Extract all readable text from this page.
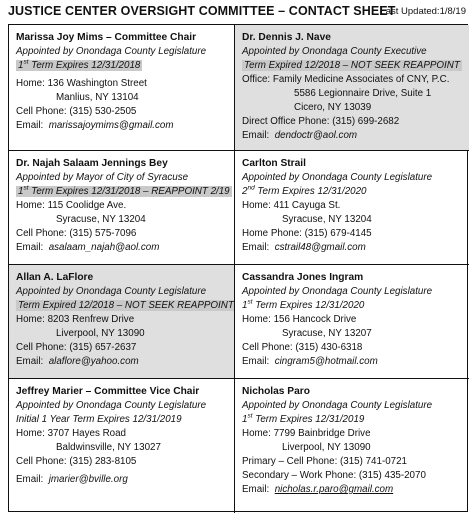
JUSTICE CENTER OVERSIGHT COMMITTEE – CONTACT SHEET
Last Updated:1/8/19
Marissa Joy Mims – Committee Chair
Appointed by Onondaga County Legislature
1st Term Expires 12/31/2018
Home: 136 Washington Street
Manlius, NY 13104
Cell Phone: (315) 530-2505
Email: marissajoymims@gmail.com
Dr. Dennis J. Nave
Appointed by Onondaga County Executive
Term Expired 12/2018 – NOT SEEK REAPPOINT
Office: Family Medicine Associates of CNY, P.C.
5586 Legionnaire Drive, Suite 1
Cicero, NY 13039
Direct Office Phone: (315) 699-2682
Email: dendoctr@aol.com
Dr. Najah Salaam Jennings Bey
Appointed by Mayor of City of Syracuse
1st Term Expires 12/31/2018 – REAPPOINT 2/19
Home: 115 Coolidge Ave.
Syracuse, NY 13204
Cell Phone: (315) 575-7096
Email: asalaam_najah@aol.com
Carlton Strail
Appointed by Onondaga County Legislature
2nd Term Expires 12/31/2020
Home: 411 Cayuga St.
Syracuse, NY 13204
Home Phone: (315) 679-4145
Email: cstrail48@gmail.com
Allan A. LaFlore
Appointed by Onondaga County Legislature
Term Expired 12/2018 – NOT SEEK REAPPOINT
Home: 8203 Renfrew Drive
Liverpool, NY 13090
Cell Phone: (315) 657-2637
Email: alaflore@yahoo.com
Cassandra Jones Ingram
Appointed by Onondaga County Legislature
1st Term Expires 12/31/2020
Home: 156 Hancock Drive
Syracuse, NY 13207
Cell Phone: (315) 430-6318
Email: cingram5@hotmail.com
Jeffrey Marier – Committee Vice Chair
Appointed by Onondaga County Legislature
Initial 1 Year Term Expires 12/31/2019
Home: 3707 Hayes Road
Baldwinsville, NY 13027
Cell Phone: (315) 283-8105
Email: jmarier@bville.org
Nicholas Paro
Appointed by Onondaga County Legislature
1st Term Expires 12/31/2019
Home: 7799 Bainbridge Drive
Liverpool, NY 13090
Primary – Cell Phone: (315) 741-0721
Secondary – Work Phone: (315) 435-2070
Email: nicholas.r.paro@gmail.com
